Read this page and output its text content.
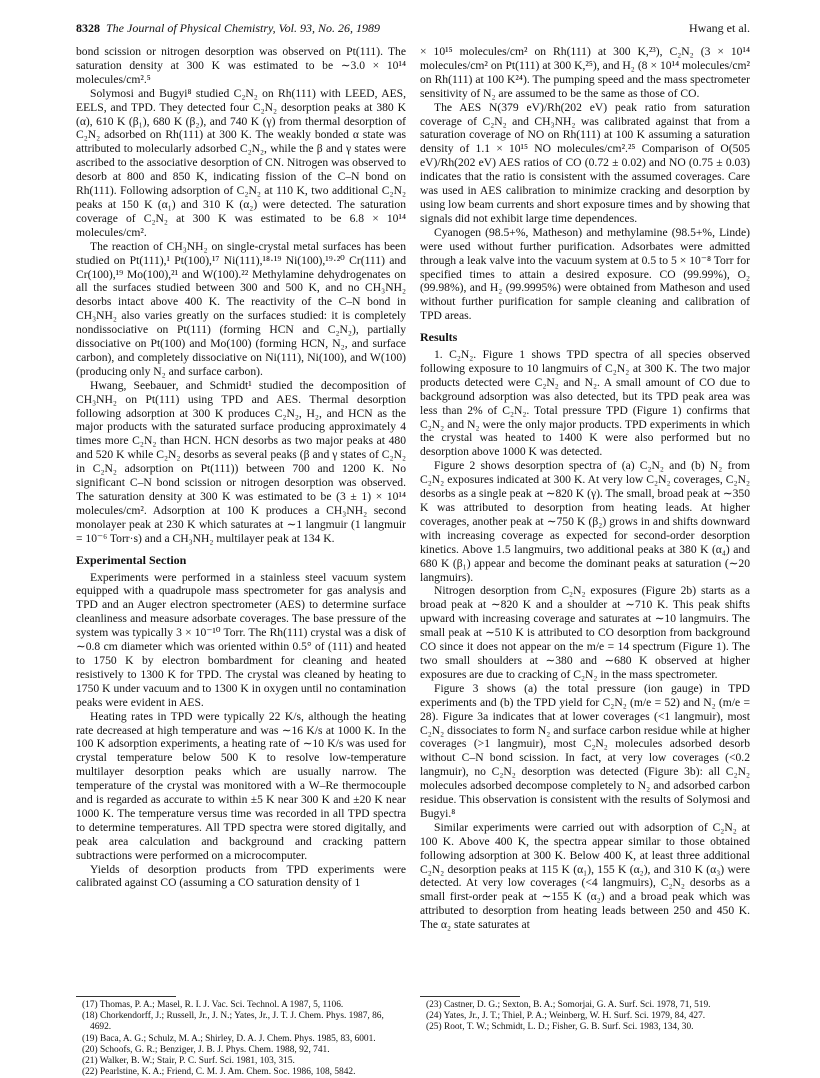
8328 The Journal of Physical Chemistry, Vol. 93, No. 26, 1989	Hwang et al.

bond scission or nitrogen desorption was observed on Pt(111). The saturation density at 300 K was estimated to be ∼3.0 × 10¹⁴ molecules/cm².⁵

Solymosi and Bugyi⁸ studied C₂N₂ on Rh(111) with LEED, AES, EELS, and TPD. They detected four C₂N₂ desorption peaks at 380 K (α), 610 K (β₁), 680 K (β₂), and 740 K (γ) from thermal desorption of C₂N₂ adsorbed on Rh(111) at 300 K. The weakly bonded α state was attributed to molecularly adsorbed C₂N₂, while the β and γ states were ascribed to the associative desorption of CN. Nitrogen was observed to desorb at 800 and 850 K, indicating fission of the C–N bond on Rh(111). Following adsorption of C₂N₂ at 110 K, two additional C₂N₂ peaks at 150 K (α₁) and 310 K (α₂) were detected. The saturation coverage of C₂N₂ at 300 K was estimated to be 6.8 × 10¹⁴ molecules/cm².

The reaction of CH₃NH₂ on single-crystal metal surfaces has been studied on Pt(111),¹ Pt(100),¹⁷ Ni(111),¹⁸·¹⁹ Ni(100),¹⁹·²⁰ Cr(111) and Cr(100),¹⁹ Mo(100),²¹ and W(100).²² Methylamine dehydrogenates on all the surfaces studied between 300 and 500 K, and no CH₃NH₂ desorbs intact above 400 K. The reactivity of the C–N bond in CH₃NH₂ also varies greatly on the surfaces studied: it is completely nondissociative on Pt(111) (forming HCN and C₂N₂), partially dissociative on Pt(100) and Mo(100) (forming HCN, N₂, and surface carbon), and completely dissociative on Ni(111), Ni(100), and W(100) (producing only N₂ and surface carbon).

Hwang, Seebauer, and Schmidt¹ studied the decomposition of CH₃NH₂ on Pt(111) using TPD and AES. Thermal desorption following adsorption at 300 K produces C₂N₂, H₂, and HCN as the major products with the saturated surface producing approximately 4 times more C₂N₂ than HCN. HCN desorbs as two major peaks at 480 and 520 K while C₂N₂ desorbs as several peaks (β and γ states of C₂N₂ in C₂N₂ adsorption on Pt(111)) between 700 and 1200 K. No significant C–N bond scission or nitrogen desorption was observed. The saturation density at 300 K was estimated to be (3 ± 1) × 10¹⁴ molecules/cm². Adsorption at 100 K produces a CH₃NH₂ second monolayer peak at 230 K which saturates at ∼1 langmuir (1 langmuir = 10⁻⁶ Torr·s) and a CH₃NH₂ multilayer peak at 134 K.

Experimental Section

Experiments were performed in a stainless steel vacuum system equipped with a quadrupole mass spectrometer for gas analysis and TPD and an Auger electron spectrometer (AES) to determine surface cleanliness and measure adsorbate coverages. The base pressure of the system was typically 3 × 10⁻¹⁰ Torr. The Rh(111) crystal was a disk of ∼0.8 cm diameter which was oriented within 0.5° of (111) and heated to 1750 K by electron bombardment for cleaning and heated resistively to 1300 K for TPD. The crystal was cleaned by heating to 1750 K under vacuum and to 1300 K in oxygen until no contamination peaks were evident in AES.

Heating rates in TPD were typically 22 K/s, although the heating rate decreased at high temperature and was ∼16 K/s at 1000 K. In the 100 K adsorption experiments, a heating rate of ∼10 K/s was used for crystal temperature below 500 K to resolve low-temperature multilayer desorption peaks which are usually narrow. The temperature of the crystal was monitored with a W–Re thermocouple and is regarded as accurate to within ±5 K near 300 K and ±20 K near 1000 K. The temperature versus time was recorded in all TPD spectra to determine temperatures. All TPD spectra were stored digitally, and peak area calculation and background and cracking pattern subtractions were performed on a microcomputer.

Yields of desorption products from TPD experiments were calibrated against CO (assuming a CO saturation density of 1

× 10¹⁵ molecules/cm² on Rh(111) at 300 K,²³), C₂N₂ (3 × 10¹⁴ molecules/cm² on Pt(111) at 300 K,²⁵), and H₂ (8 × 10¹⁴ molecules/cm² on Rh(111) at 100 K²⁴). The pumping speed and the mass spectrometer sensitivity of N₂ are assumed to be the same as those of CO.

The AES N(379 eV)/Rh(202 eV) peak ratio from saturation coverage of C₂N₂ and CH₃NH₂ was calibrated against that from a saturation coverage of NO on Rh(111) at 100 K assuming a saturation density of 1.1 × 10¹⁵ NO molecules/cm².²⁵ Comparison of O(505 eV)/Rh(202 eV) AES ratios of CO (0.72 ± 0.02) and NO (0.75 ± 0.03) indicates that the ratio is consistent with the assumed coverages. Care was used in AES calibration to minimize cracking and desorption by using low beam currents and short exposure times and by showing that signals did not exhibit large time dependences.

Cyanogen (98.5+%, Matheson) and methylamine (98.5+%, Linde) were used without further purification. Adsorbates were admitted through a leak valve into the vacuum system at 0.5 to 5 × 10⁻⁸ Torr for specified times to attain a desired exposure. CO (99.99%), O₂ (99.98%), and H₂ (99.9995%) were obtained from Matheson and used without further purification for sample cleaning and calibration of TPD areas.

Results

1. C₂N₂. Figure 1 shows TPD spectra of all species observed following exposure to 10 langmuirs of C₂N₂ at 300 K. The two major products detected were C₂N₂ and N₂. A small amount of CO due to background adsorption was also detected, but its TPD peak area was less than 2% of C₂N₂. Total pressure TPD (Figure 1) confirms that C₂N₂ and N₂ were the only major products. TPD experiments in which the crystal was heated to 1400 K were also performed but no desorption above 1000 K was detected.

Figure 2 shows desorption spectra of (a) C₂N₂ and (b) N₂ from C₂N₂ exposures indicated at 300 K. At very low C₂N₂ coverages, C₂N₂ desorbs as a single peak at ∼820 K (γ). The small, broad peak at ∼350 K was attributed to desorption from heating leads. At higher coverages, another peak at ∼750 K (β₂) grows in and shifts downward with increasing coverage as expected for second-order desorption kinetics. Above 1.5 langmuirs, two additional peaks at 380 K (α₄) and 680 K (β₁) appear and become the dominant peaks at saturation (∼20 langmuirs).

Nitrogen desorption from C₂N₂ exposures (Figure 2b) starts as a broad peak at ∼820 K and a shoulder at ∼710 K. This peak shifts upward with increasing coverage and saturates at ∼10 langmuirs. The small peak at ∼510 K is attributed to CO desorption from background CO since it does not appear on the m/e = 14 spectrum (Figure 1). The two small shoulders at ∼380 and ∼680 K observed at higher exposures are due to cracking of C₂N₂ in the mass spectrometer.

Figure 3 shows (a) the total pressure (ion gauge) in TPD experiments and (b) the TPD yield for C₂N₂ (m/e = 52) and N₂ (m/e = 28). Figure 3a indicates that at lower coverages (<1 langmuir), most C₂N₂ dissociates to form N₂ and surface carbon residue while at higher coverages (>1 langmuir), most C₂N₂ molecules adsorbed desorb without C–N bond scission. In fact, at very low coverages (<0.2 langmuir), no C₂N₂ desorption was detected (Figure 3b): all C₂N₂ molecules adsorbed decompose completely to N₂ and adsorbed carbon residue. This observation is consistent with the results of Solymosi and Bugyi.⁸

Similar experiments were carried out with adsorption of C₂N₂ at 100 K. Above 400 K, the spectra appear similar to those obtained following adsorption at 300 K. Below 400 K, at least three additional C₂N₂ desorption peaks at 115 K (α₁), 155 K (α₂), and 310 K (α₃) were detected. At very low coverages (<4 langmuirs), C₂N₂ desorbs as a small first-order peak at ∼155 K (α₂) and a broad peak which was attributed to desorption from heating leads between 250 and 450 K. The α₂ state saturates at

(17) Thomas, P. A.; Masel, R. I. J. Vac. Sci. Technol. A 1987, 5, 1106.
(18) Chorkendorff, J.; Russell, Jr., J. N.; Yates, Jr., J. T. J. Chem. Phys. 1987, 86, 4692.
(19) Baca, A. G.; Schulz, M. A.; Shirley, D. A. J. Chem. Phys. 1985, 83, 6001.
(20) Schoofs, G. R.; Benziger, J. B. J. Phys. Chem. 1988, 92, 741.
(21) Walker, B. W.; Stair, P. C. Surf. Sci. 1981, 103, 315.
(22) Pearlstine, K. A.; Friend, C. M. J. Am. Chem. Soc. 1986, 108, 5842.
(23) Castner, D. G.; Sexton, B. A.; Somorjai, G. A. Surf. Sci. 1978, 71, 519.
(24) Yates, Jr., J. T.; Thiel, P. A.; Weinberg, W. H. Surf. Sci. 1979, 84, 427.
(25) Root, T. W.; Schmidt, L. D.; Fisher, G. B. Surf. Sci. 1983, 134, 30.
